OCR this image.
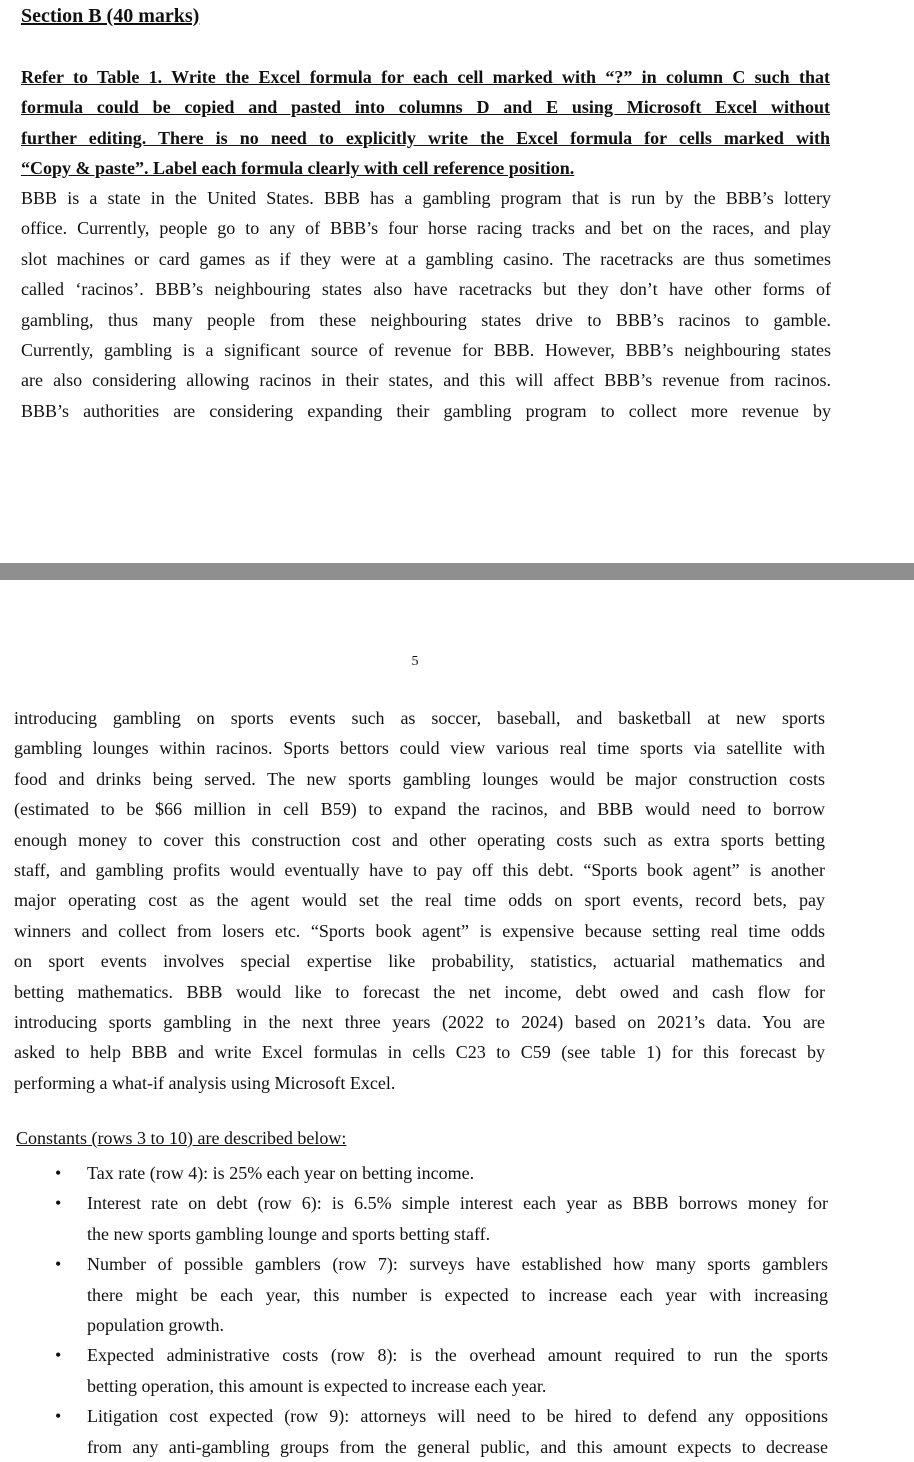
Section B (40 marks)
Refer to Table 1. Write the Excel formula for each cell marked with “?” in column C such that
formula could be copied and pasted into columns D and E using Microsoft Excel without
further editing. There is no need to explicitly write the Excel formula for cells marked with
“Copy & paste”. Label each formula clearly with cell reference position.
BBB is a state in the United States. BBB has a gambling program that is run by the BBB’s lottery
office. Currently, people go to any of BBB’s four horse racing tracks and bet on the races, and play
slot machines or card games as if they were at a gambling casino. The racetracks are thus sometimes
called ‘racinos’. BBB’s neighbouring states also have racetracks but they don’t have other forms of
gambling, thus many people from these neighbouring states drive to BBB’s racinos to gamble.
Currently, gambling is a significant source of revenue for BBB. However, BBB’s neighbouring states
are also considering allowing racinos in their states, and this will affect BBB’s revenue from racinos.
BBB’s authorities are considering expanding their gambling program to collect more revenue by
5
introducing gambling on sports events such as soccer, baseball, and basketball at new sports
gambling lounges within racinos. Sports bettors could view various real time sports via satellite with
food and drinks being served. The new sports gambling lounges would be major construction costs
(estimated to be $66 million in cell B59) to expand the racinos, and BBB would need to borrow
enough money to cover this construction cost and other operating costs such as extra sports betting
staff, and gambling profits would eventually have to pay off this debt. “Sports book agent” is another
major operating cost as the agent would set the real time odds on sport events, record bets, pay
winners and collect from losers etc. “Sports book agent” is expensive because setting real time odds
on sport events involves special expertise like probability, statistics, actuarial mathematics and
betting mathematics. BBB would like to forecast the net income, debt owed and cash flow for
introducing sports gambling in the next three years (2022 to 2024) based on 2021’s data. You are
asked to help BBB and write Excel formulas in cells C23 to C59 (see table 1) for this forecast by
performing a what-if analysis using Microsoft Excel.
Constants (rows 3 to 10) are described below:
• Tax rate (row 4): is 25% each year on betting income.
• Interest rate on debt (row 6): is 6.5% simple interest each year as BBB borrows money for
the new sports gambling lounge and sports betting staff.
• Number of possible gamblers (row 7): surveys have established how many sports gamblers
there might be each year, this number is expected to increase each year with increasing
population growth.
• Expected administrative costs (row 8): is the overhead amount required to run the sports
betting operation, this amount is expected to increase each year.
• Litigation cost expected (row 9): attorneys will need to be hired to defend any oppositions
from any anti-gambling groups from the general public, and this amount expects to decrease
